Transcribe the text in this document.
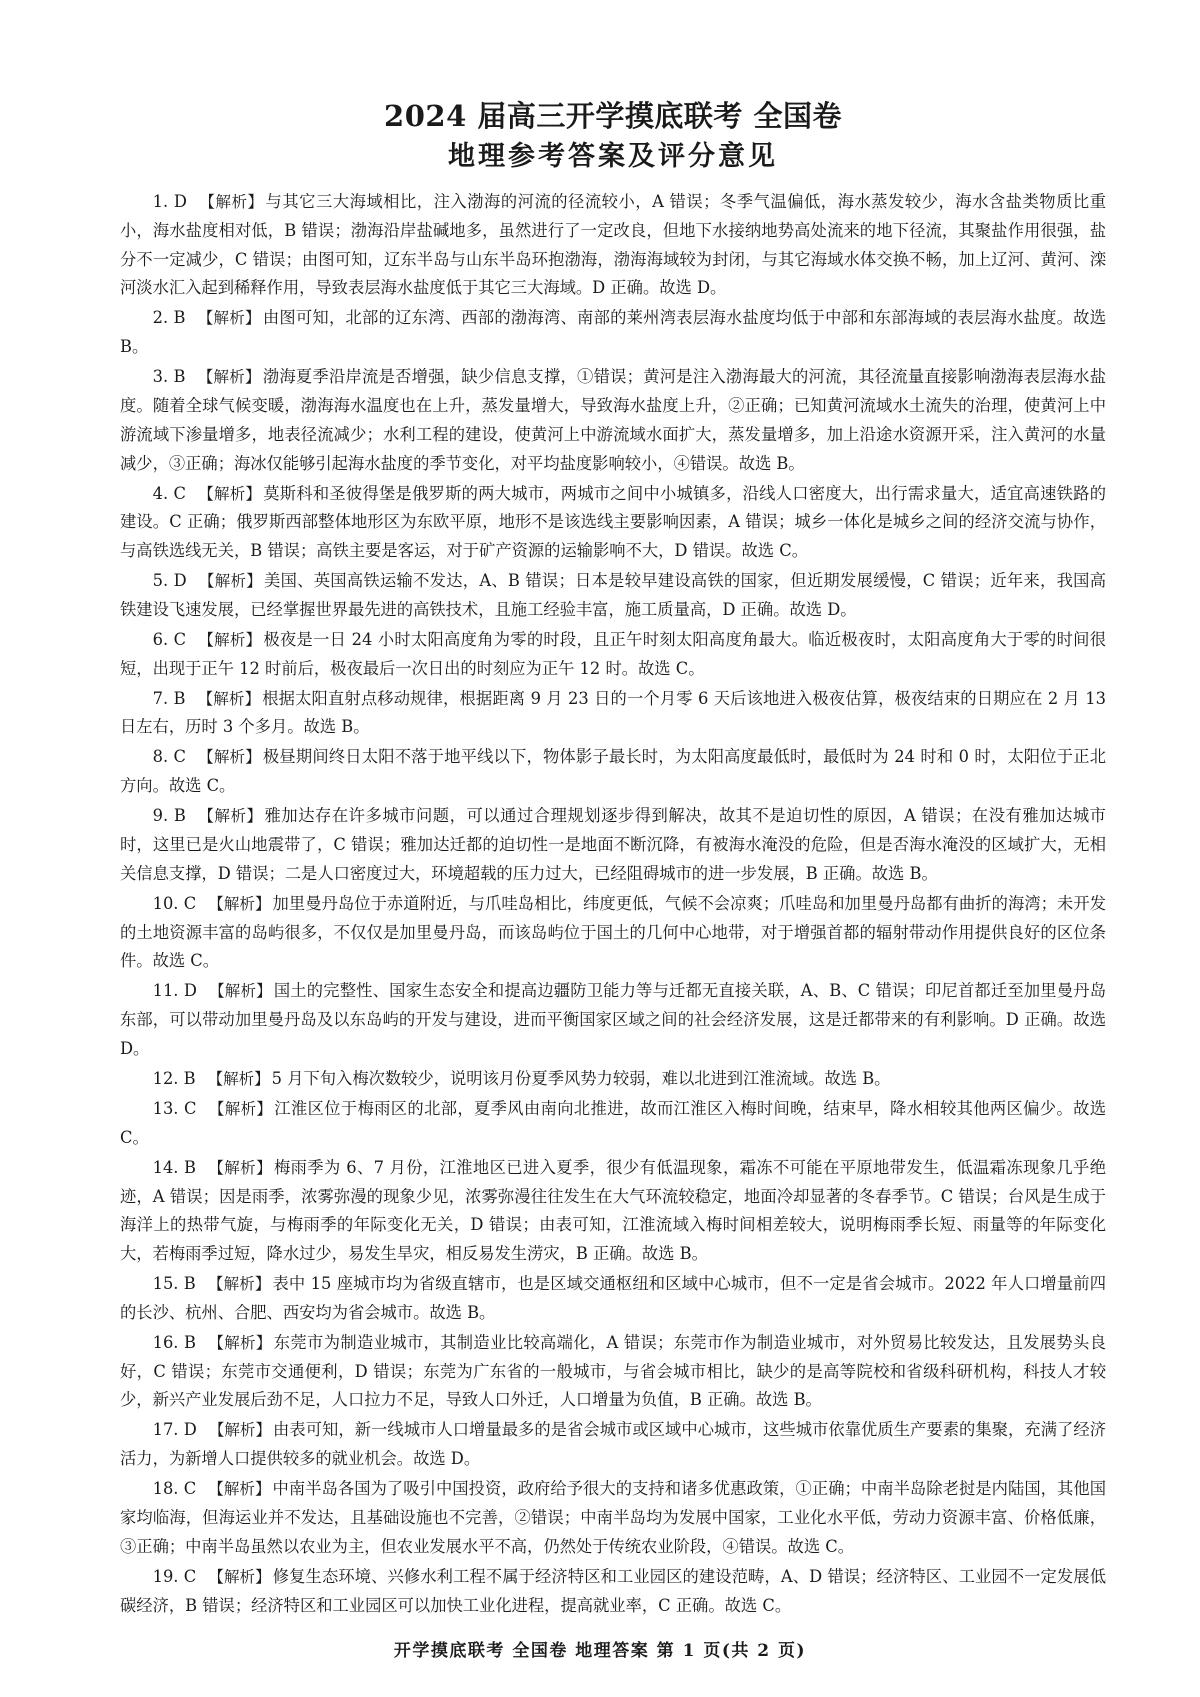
2024 届高三开学摸底联考 全国卷
地理参考答案及评分意见
1. D 【解析】 与其它三大海域相比，注入渤海的河流的径流较小，A 错误；冬季气温偏低，海水蒸发较少，海水含盐类物质比重小，海水盐度相对低，B 错误；渤海沿岸盐碱地多，虽然进行了一定改良，但地下水接纳地势高处流来的地下径流，其聚盐作用很强，盐分不一定减少，C 错误；由图可知，辽东半岛与山东半岛环抱渤海，渤海海域较为封闭，与其它海域水体交换不畅，加上辽河、黄河、滦河淡水汇入起到稀释作用，导致表层海水盐度低于其它三大海域。D 正确。故选 D。
2. B 【解析】 由图可知，北部的辽东湾、西部的渤海湾、南部的莱州湾表层海水盐度均低于中部和东部海域的表层海水盐度。故选 B。
3. B 【解析】 渤海夏季沿岸流是否增强，缺少信息支撑，①错误；黄河是注入渤海最大的河流，其径流量直接影响渤海表层海水盐度。随着全球气候变暖，渤海海水温度也在上升，蒸发量增大，导致海水盐度上升，②正确；已知黄河流域水土流失的治理，使黄河上中游流域下渗量增多，地表径流减少；水利工程的建设，使黄河上中游流域水面扩大，蒸发量增多，加上沿途水资源开采，注入黄河的水量减少，③正确；海冰仅能够引起海水盐度的季节变化，对平均盐度影响较小，④错误。故选 B。
4. C 【解析】 莫斯科和圣彼得堡是俄罗斯的两大城市，两城市之间中小城镇多，沿线人口密度大，出行需求量大，适宜高速铁路的建设。C 正确；俄罗斯西部整体地形区为东欧平原，地形不是该选线主要影响因素，A 错误；城乡一体化是城乡之间的经济交流与协作，与高铁选线无关，B 错误；高铁主要是客运，对于矿产资源的运输影响不大，D 错误。故选 C。
5. D 【解析】 美国、英国高铁运输不发达，A、B 错误；日本是较早建设高铁的国家，但近期发展缓慢，C 错误；近年来，我国高铁建设飞速发展，已经掌握世界最先进的高铁技术，且施工经验丰富，施工质量高，D 正确。故选 D。
6. C 【解析】 极夜是一日 24 小时太阳高度角为零的时段，且正午时刻太阳高度角最大。临近极夜时，太阳高度角大于零的时间很短，出现于正午 12 时前后，极夜最后一次日出的时刻应为正午 12 时。故选 C。
7. B 【解析】 根据太阳直射点移动规律，根据距离 9 月 23 日的一个月零 6 天后该地进入极夜估算，极夜结束的日期应在 2 月 13 日左右，历时 3 个多月。故选 B。
8. C 【解析】 极昼期间终日太阳不落于地平线以下，物体影子最长时，为太阳高度最低时，最低时为 24 时和 0 时，太阳位于正北方向。故选 C。
9. B 【解析】 雅加达存在许多城市问题，可以通过合理规划逐步得到解决，故其不是迫切性的原因，A 错误；在没有雅加达城市时，这里已是火山地震带了，C 错误；雅加达迁都的迫切性一是地面不断沉降，有被海水淹没的危险，但是否海水淹没的区域扩大，无相关信息支撑，D 错误；二是人口密度过大，环境超载的压力过大，已经阻碍城市的进一步发展，B 正确。故选 B。
10. C 【解析】 加里曼丹岛位于赤道附近，与爪哇岛相比，纬度更低，气候不会凉爽；爪哇岛和加里曼丹岛都有曲折的海湾；未开发的土地资源丰富的岛屿很多，不仅仅是加里曼丹岛，而该岛屿位于国土的几何中心地带，对于增强首都的辐射带动作用提供良好的区位条件。故选 C。
11. D 【解析】 国土的完整性、国家生态安全和提高边疆防卫能力等与迁都无直接关联，A、B、C 错误；印尼首都迁至加里曼丹岛东部，可以带动加里曼丹岛及以东岛屿的开发与建设，进而平衡国家区域之间的社会经济发展，这是迁都带来的有利影响。D 正确。故选 D。
12. B 【解析】 5 月下旬入梅次数较少，说明该月份夏季风势力较弱，难以北进到江淮流域。故选 B。
13. C 【解析】 江淮区位于梅雨区的北部，夏季风由南向北推进，故而江淮区入梅时间晚，结束早，降水相较其他两区偏少。故选 C。
14. B 【解析】 梅雨季为 6、7 月份，江淮地区已进入夏季，很少有低温现象，霜冻不可能在平原地带发生，低温霜冻现象几乎绝迹，A 错误；因是雨季，浓雾弥漫的现象少见，浓雾弥漫往往发生在大气环流较稳定，地面冷却显著的冬春季节。C 错误；台风是生成于海洋上的热带气旋，与梅雨季的年际变化无关，D 错误；由表可知，江淮流域入梅时间相差较大，说明梅雨季长短、雨量等的年际变化大，若梅雨季过短，降水过少，易发生旱灾，相反易发生涝灾，B 正确。故选 B。
15. B 【解析】 表中 15 座城市均为省级直辖市，也是区域交通枢纽和区域中心城市，但不一定是省会城市。2022 年人口增量前四的长沙、杭州、合肥、西安均为省会城市。故选 B。
16. B 【解析】 东莞市为制造业城市，其制造业比较高端化，A 错误；东莞市作为制造业城市，对外贸易比较发达，且发展势头良好，C 错误；东莞市交通便利，D 错误；东莞为广东省的一般城市，与省会城市相比，缺少的是高等院校和省级科研机构，科技人才较少，新兴产业发展后劲不足，人口拉力不足，导致人口外迁，人口增量为负值，B 正确。故选 B。
17. D 【解析】 由表可知，新一线城市人口增量最多的是省会城市或区域中心城市，这些城市依靠优质生产要素的集聚，充满了经济活力，为新增人口提供较多的就业机会。故选 D。
18. C 【解析】 中南半岛各国为了吸引中国投资，政府给予很大的支持和诸多优惠政策，①正确；中南半岛除老挝是内陆国，其他国家均临海，但海运业并不发达，且基础设施也不完善，②错误；中南半岛均为发展中国家，工业化水平低，劳动力资源丰富、价格低廉，③正确；中南半岛虽然以农业为主，但农业发展水平不高，仍然处于传统农业阶段，④错误。故选 C。
19. C 【解析】 修复生态环境、兴修水利工程不属于经济特区和工业园区的建设范畴，A、D 错误；经济特区、工业园不一定发展低碳经济，B 错误；经济特区和工业园区可以加快工业化进程，提高就业率，C 正确。故选 C。
开学摸底联考 全国卷 地理答案 第 1 页(共 2 页)
